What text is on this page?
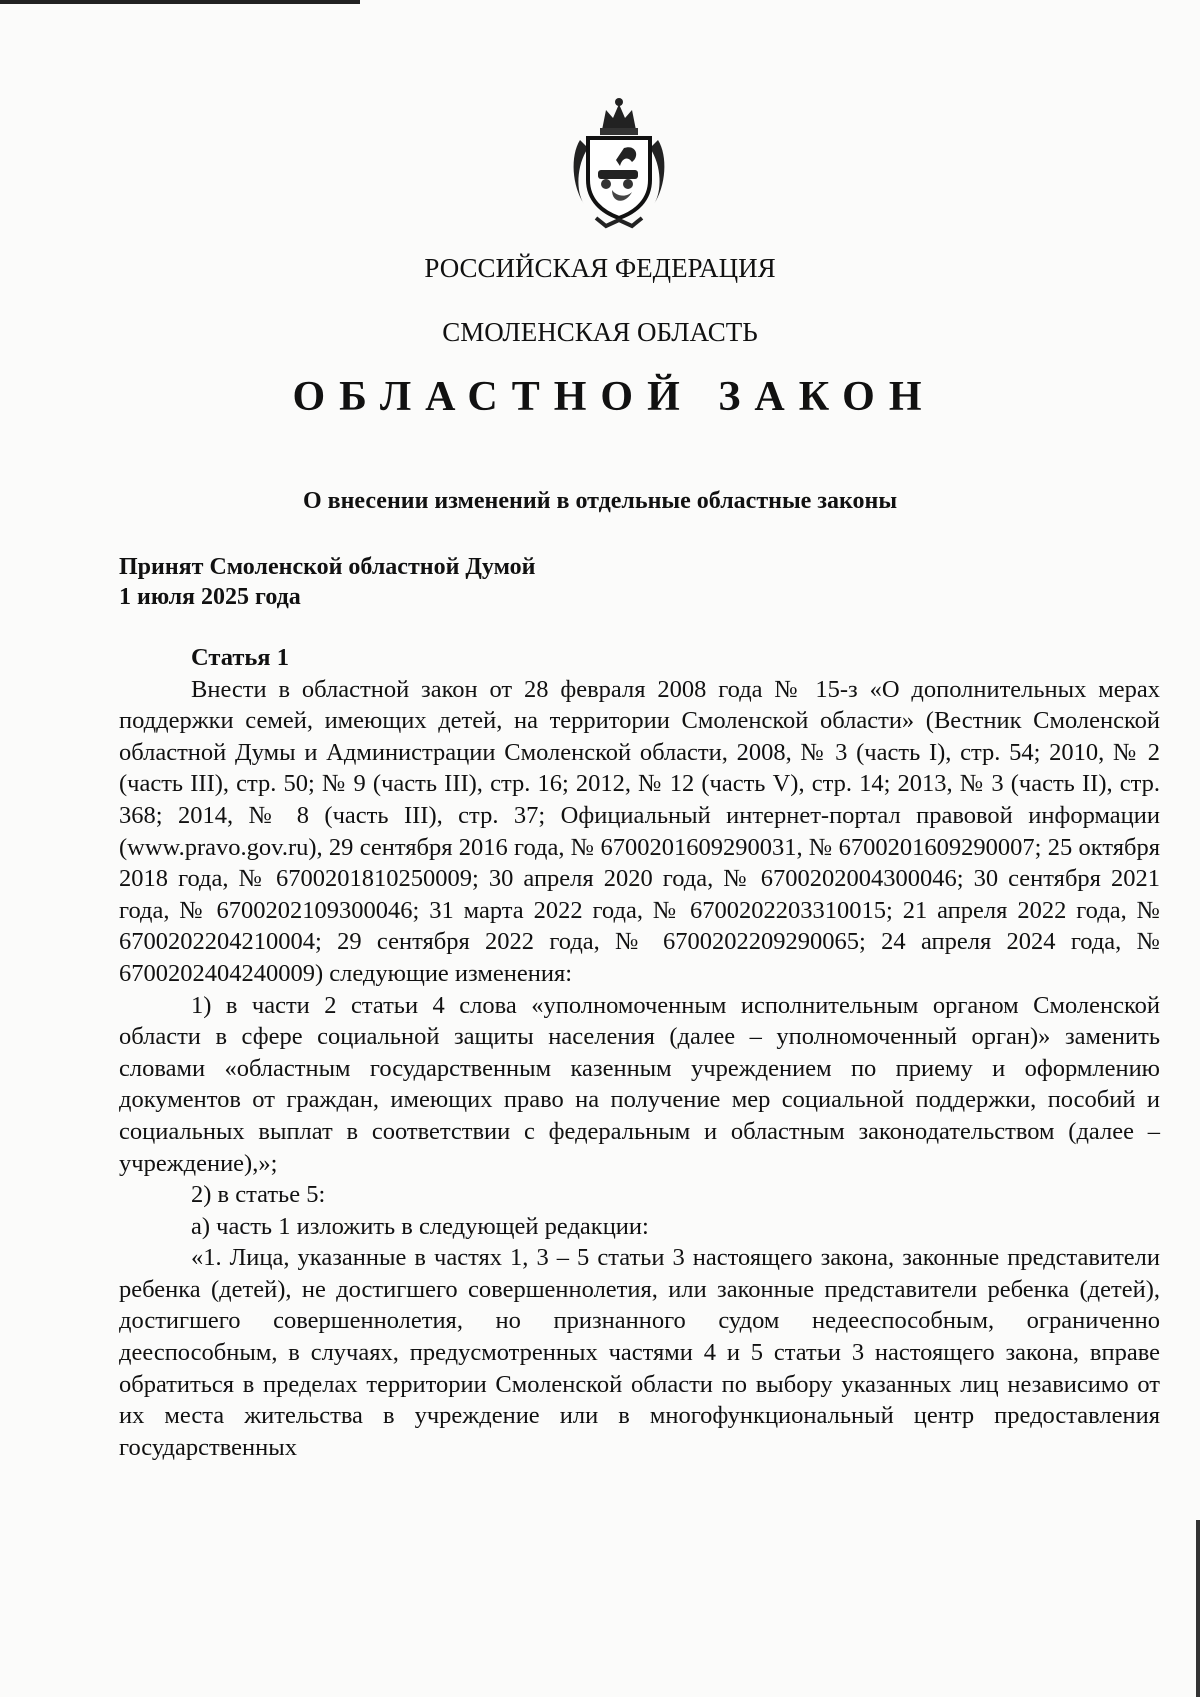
РОССИЙСКАЯ ФЕДЕРАЦИЯ
СМОЛЕНСКАЯ ОБЛАСТЬ
ОБЛАСТНОЙ ЗАКОН
О внесении изменений в отдельные областные законы
Принят Смоленской областной Думой
1 июля 2025 года

Статья 1

Внести в областной закон от 28 февраля 2008 года № 15-з «О дополнительных мерах поддержки семей, имеющих детей, на территории Смоленской области» (Вестник Смоленской областной Думы и Администрации Смоленской области, 2008, № 3 (часть I), стр. 54; 2010, № 2 (часть III), стр. 50; № 9 (часть III), стр. 16; 2012, № 12 (часть V), стр. 14; 2013, № 3 (часть II), стр. 368; 2014, № 8 (часть III), стр. 37; Официальный интернет-портал правовой информации (www.pravo.gov.ru), 29 сентября 2016 года, № 6700201609290031, № 6700201609290007; 25 октября 2018 года, № 6700201810250009; 30 апреля 2020 года, № 6700202004300046; 30 сентября 2021 года, № 6700202109300046; 31 марта 2022 года, № 6700202203310015; 21 апреля 2022 года, № 6700202204210004; 29 сентября 2022 года, № 6700202209290065; 24 апреля 2024 года, № 6700202404240009) следующие изменения:

1) в части 2 статьи 4 слова «уполномоченным исполнительным органом Смоленской области в сфере социальной защиты населения (далее – уполномоченный орган)» заменить словами «областным государственным казенным учреждением по приему и оформлению документов от граждан, имеющих право на получение мер социальной поддержки, пособий и социальных выплат в соответствии с федеральным и областным законодательством (далее – учреждение),»;

2) в статье 5:

а) часть 1 изложить в следующей редакции:

«1. Лица, указанные в частях 1, 3 – 5 статьи 3 настоящего закона, законные представители ребенка (детей), не достигшего совершеннолетия, или законные представители ребенка (детей), достигшего совершеннолетия, но признанного судом недееспособным, ограниченно дееспособным, в случаях, предусмотренных частями 4 и 5 статьи 3 настоящего закона, вправе обратиться в пределах территории Смоленской области по выбору указанных лиц независимо от их места жительства в учреждение или в многофункциональный центр предоставления государственных
